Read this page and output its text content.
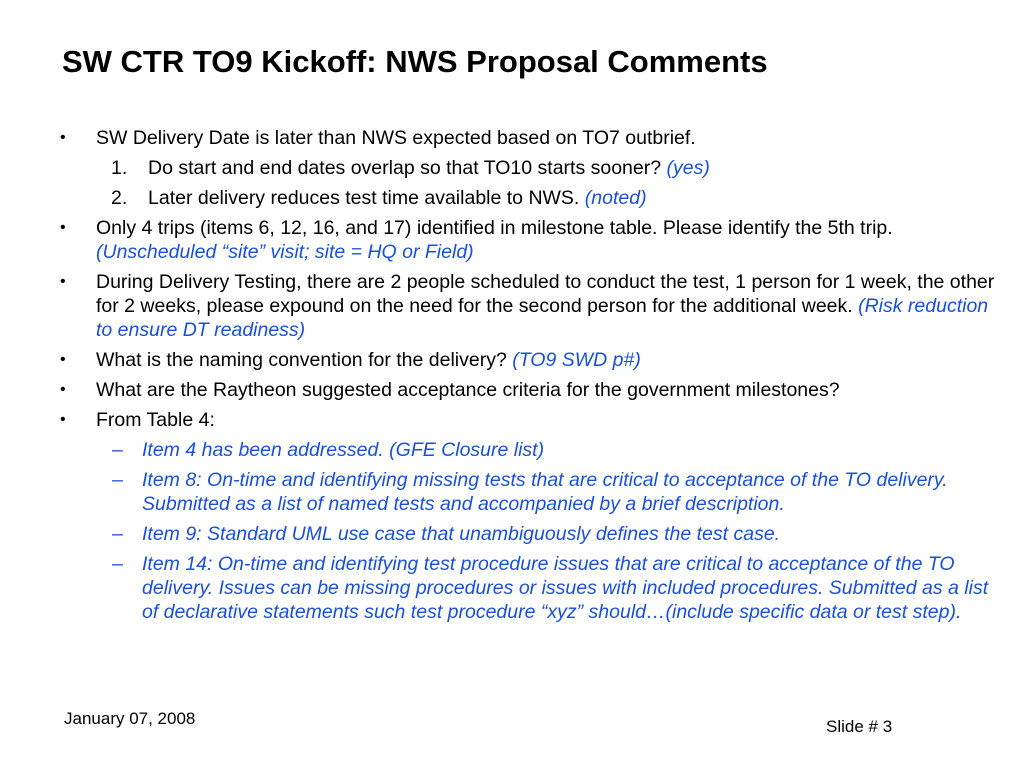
SW CTR TO9 Kickoff: NWS Proposal Comments
• SW Delivery Date is later than NWS expected based on TO7 outbrief.
1. Do start and end dates overlap so that TO10 starts sooner? (yes)
2. Later delivery reduces test time available to NWS. (noted)
• Only 4 trips (items 6, 12, 16, and 17) identified in milestone table. Please identify the 5th trip. (Unscheduled “site” visit; site = HQ or Field)
• During Delivery Testing, there are 2 people scheduled to conduct the test, 1 person for 1 week, the other for 2 weeks, please expound on the need for the second person for the additional week. (Risk reduction to ensure DT readiness)
• What is the naming convention for the delivery? (TO9 SWD p#)
• What are the Raytheon suggested acceptance criteria for the government milestones?
• From Table 4:
– Item 4 has been addressed. (GFE Closure list)
– Item 8: On-time and identifying missing tests that are critical to acceptance of the TO delivery. Submitted as a list of named tests and accompanied by a brief description.
– Item 9: Standard UML use case that unambiguously defines the test case.
– Item 14: On-time and identifying test procedure issues that are critical to acceptance of the TO delivery. Issues can be missing procedures or issues with included procedures. Submitted as a list of declarative statements such test procedure “xyz” should…(include specific data or test step).
January 07, 2008	Slide # 3
